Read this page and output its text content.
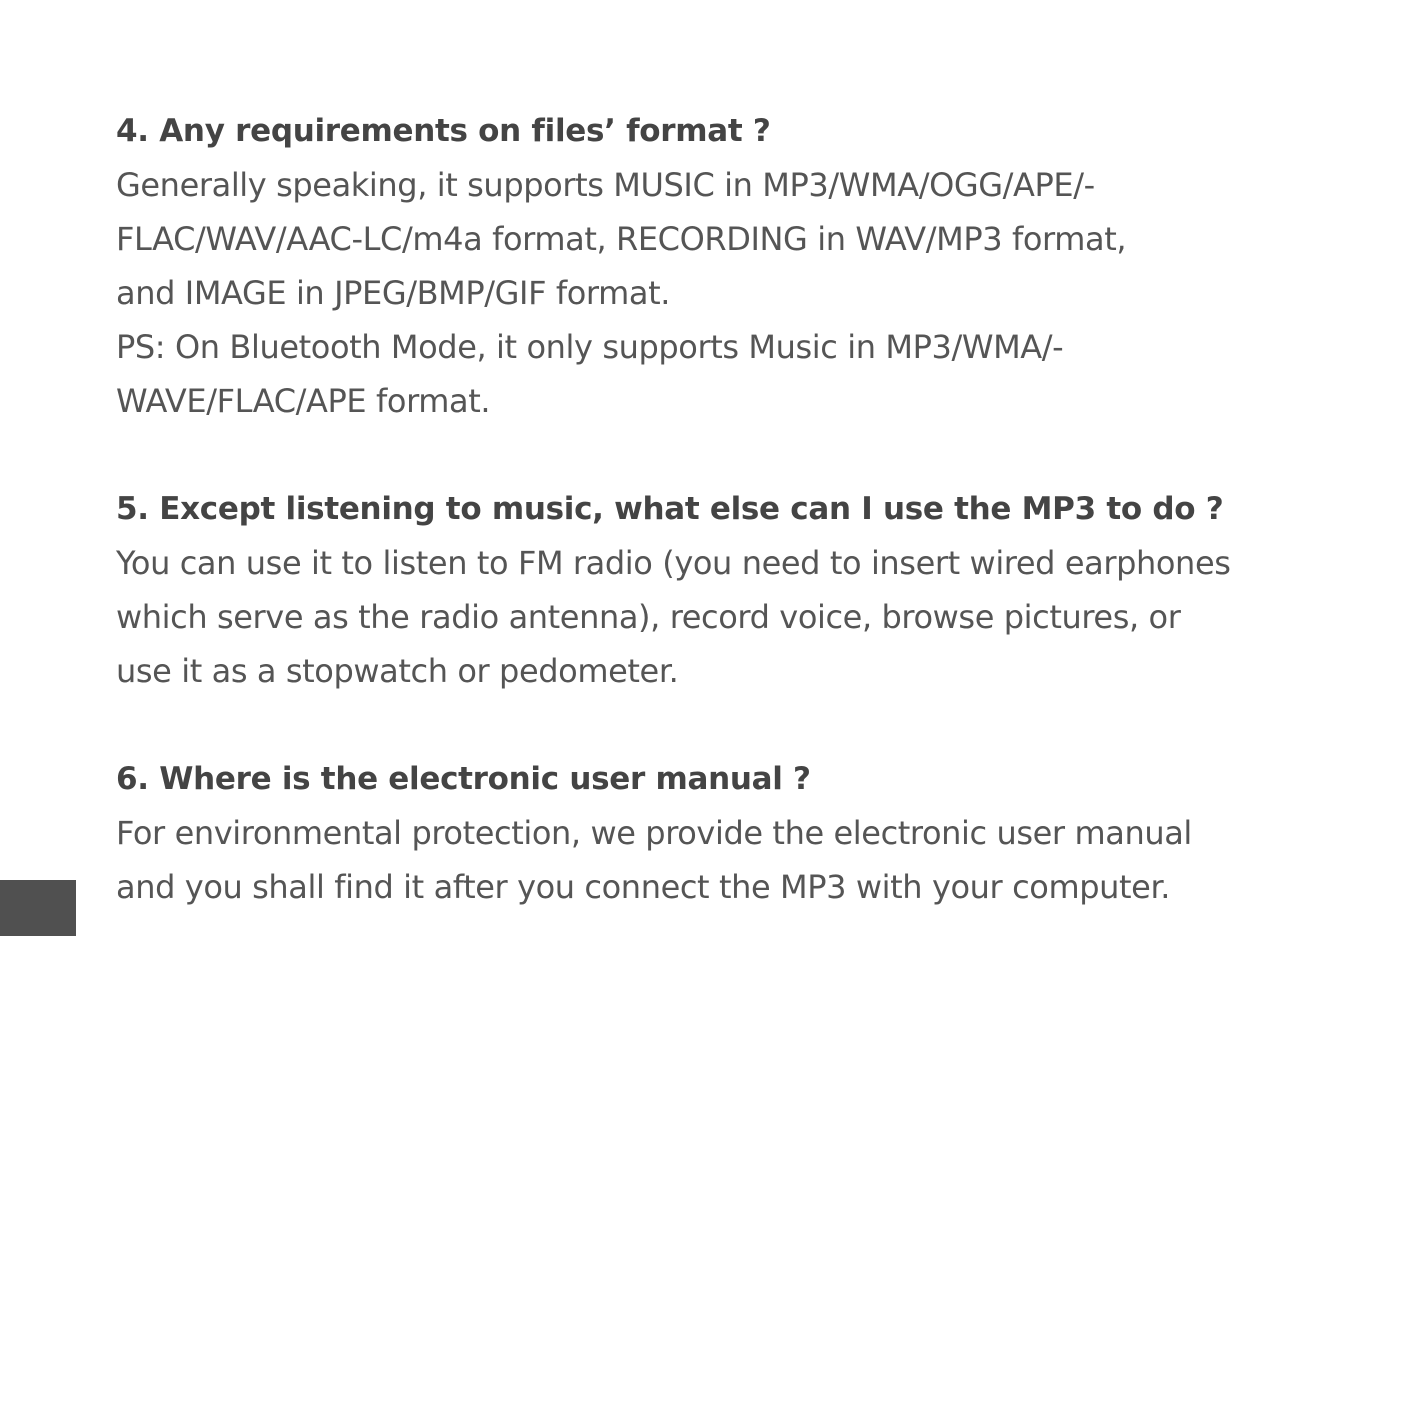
4. Any requirements on files’ format ?
Generally speaking, it supports MUSIC in MP3/WMA/OGG/APE/-
FLAC/WAV/AAC-LC/m4a format, RECORDING in WAV/MP3 format,
and IMAGE in JPEG/BMP/GIF format.
PS: On Bluetooth Mode, it only supports Music in MP3/WMA/-
WAVE/FLAC/APE format.
5. Except listening to music, what else can I use the MP3 to do ?
You can use it to listen to FM radio (you need to insert wired earphones
which serve as the radio antenna), record voice, browse pictures, or
use it as a stopwatch or pedometer.
6. Where is the electronic user manual ?
For environmental protection, we provide the electronic user manual
and you shall find it after you connect the MP3 with your computer.
